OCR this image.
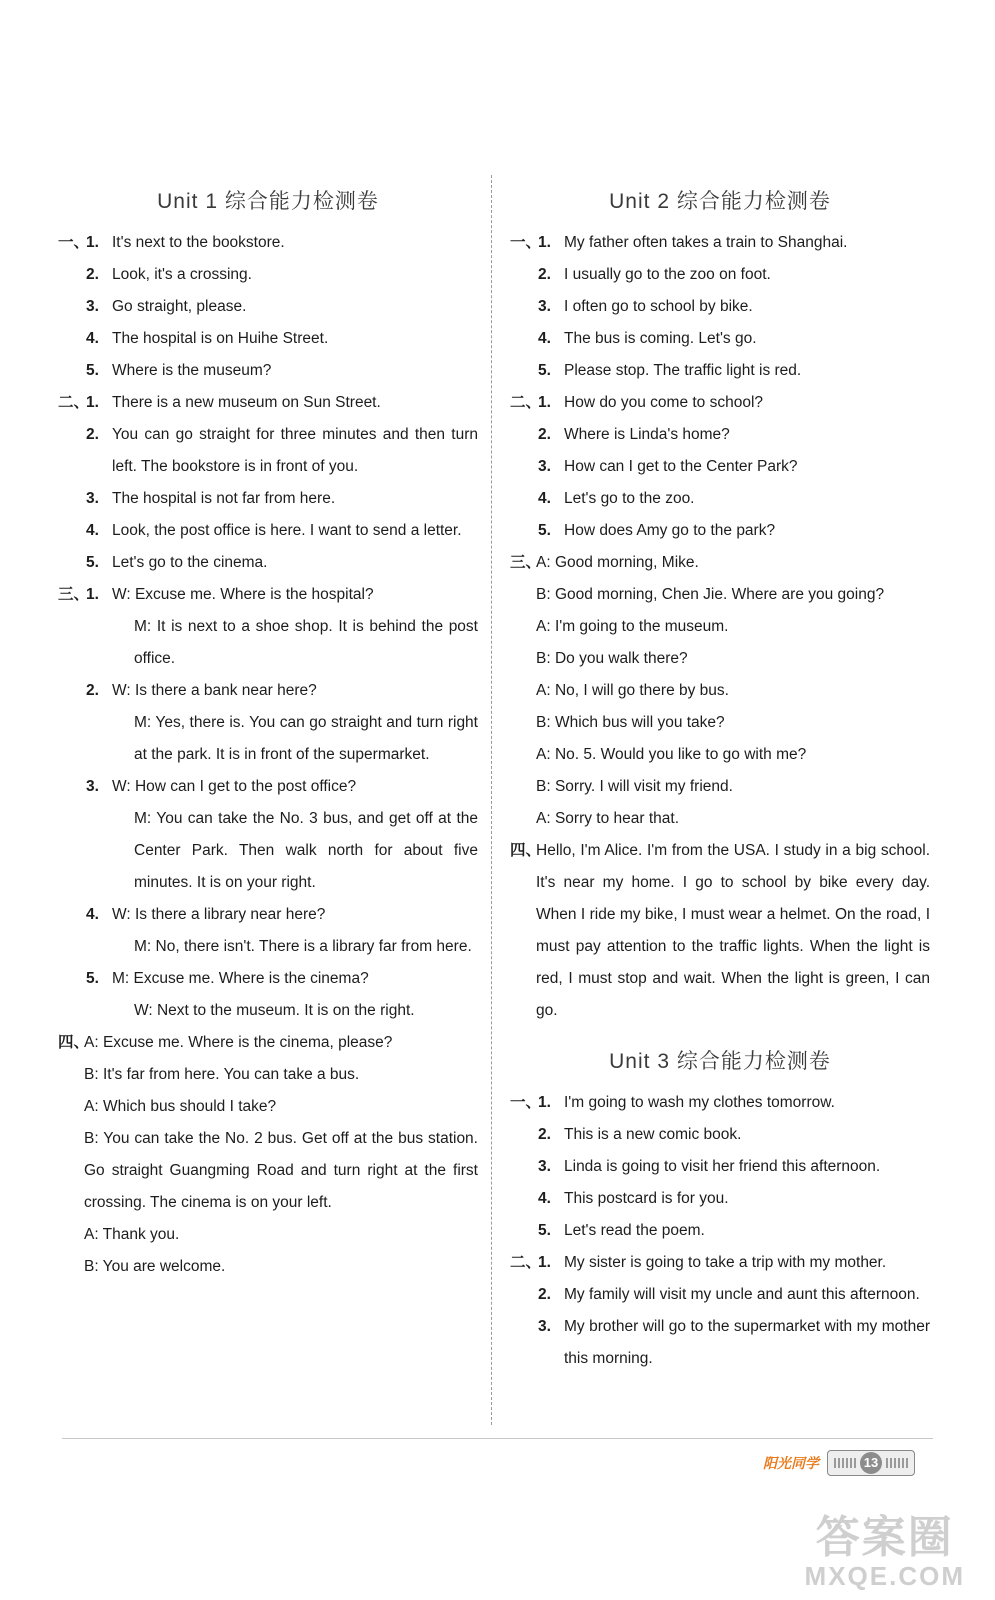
Unit 1 综合能力检测卷
一、
1. It's next to the bookstore.
2. Look, it's a crossing.
3. Go straight, please.
4. The hospital is on Huihe Street.
5. Where is the museum?
二、
1. There is a new museum on Sun Street.
2. You can go straight for three minutes and then turn left. The bookstore is in front of you.
3. The hospital is not far from here.
4. Look, the post office is here. I want to send a letter.
5. Let's go to the cinema.
三、
1. W: Excuse me. Where is the hospital?
M: It is next to a shoe shop. It is behind the post office.
2. W: Is there a bank near here?
M: Yes, there is. You can go straight and turn right at the park. It is in front of the supermarket.
3. W: How can I get to the post office?
M: You can take the No. 3 bus, and get off at the Center Park. Then walk north for about five minutes. It is on your right.
4. W: Is there a library near here?
M: No, there isn't. There is a library far from here.
5. M: Excuse me. Where is the cinema?
W: Next to the museum. It is on the right.
四、
A: Excuse me. Where is the cinema, please?
B: It's far from here. You can take a bus.
A: Which bus should I take?
B: You can take the No. 2 bus. Get off at the bus station. Go straight Guangming Road and turn right at the first crossing. The cinema is on your left.
A: Thank you.
B: You are welcome.
Unit 2 综合能力检测卷
一、
1. My father often takes a train to Shanghai.
2. I usually go to the zoo on foot.
3. I often go to school by bike.
4. The bus is coming. Let's go.
5. Please stop. The traffic light is red.
二、
1. How do you come to school?
2. Where is Linda's home?
3. How can I get to the Center Park?
4. Let's go to the zoo.
5. How does Amy go to the park?
三、
A: Good morning, Mike.
B: Good morning, Chen Jie. Where are you going?
A: I'm going to the museum.
B: Do you walk there?
A: No, I will go there by bus.
B: Which bus will you take?
A: No. 5. Would you like to go with me?
B: Sorry. I will visit my friend.
A: Sorry to hear that.
四、
Hello, I'm Alice. I'm from the USA. I study in a big school. It's near my home. I go to school by bike every day. When I ride my bike, I must wear a helmet. On the road, I must pay attention to the traffic lights. When the light is red, I must stop and wait. When the light is green, I can go.
Unit 3 综合能力检测卷
一、
1. I'm going to wash my clothes tomorrow.
2. This is a new comic book.
3. Linda is going to visit her friend this afternoon.
4. This postcard is for you.
5. Let's read the poem.
二、
1. My sister is going to take a trip with my mother.
2. My family will visit my uncle and aunt this afternoon.
3. My brother will go to the supermarket with my mother this morning.
阳光同学	13
答案圈
MXQE.COM
